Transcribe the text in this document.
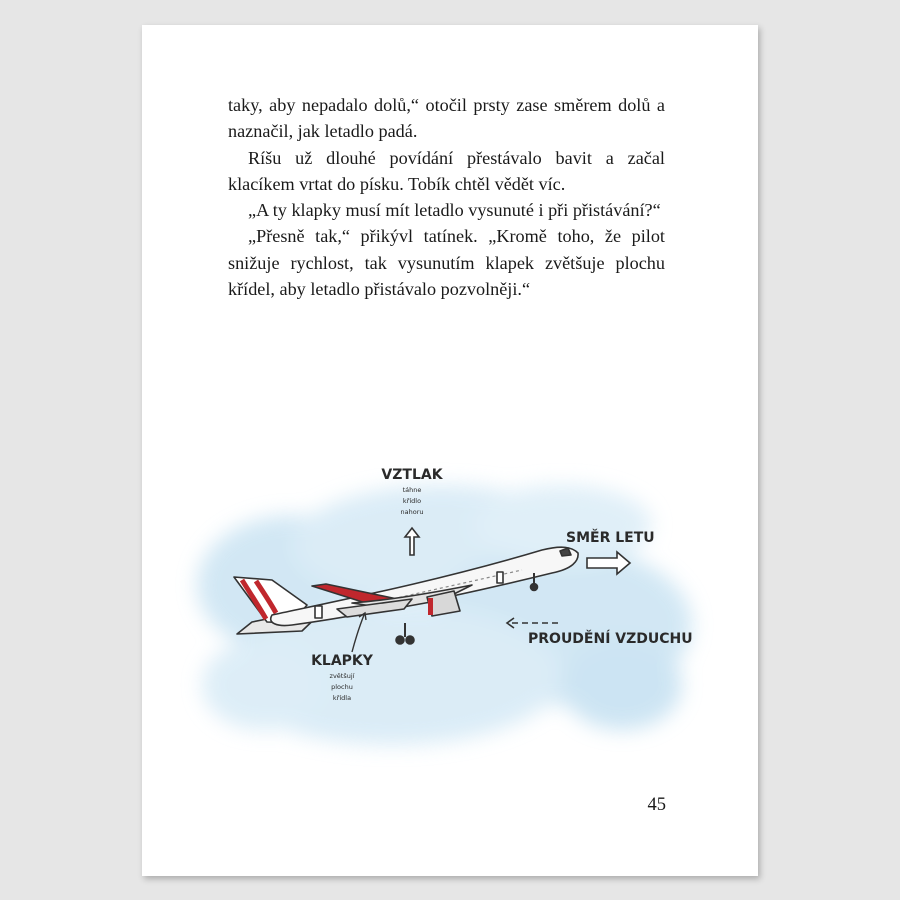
taky, aby nepadalo dolů,“ otočil prsty zase směrem dolů a naznačil, jak letadlo padá.

Ríšu už dlouhé povídání přestávalo bavit a začal klacíkem vrtat do písku. Tobík chtěl vědět víc.

„A ty klapky musí mít letadlo vysunuté i při přistávání?“

„Přesně tak,“ přikývl tatínek. „Kromě toho, že pilot snižuje rychlost, tak vysunutím klapek zvětšuje plochu křídel, aby letadlo přistávalo pozvolněji.“

VZTLAK
táhne
křídlo
nahoru
SMĚR LETU
PROUDĚNÍ VZDUCHU
KLAPKY
zvětšují
plochu
křídla
45
